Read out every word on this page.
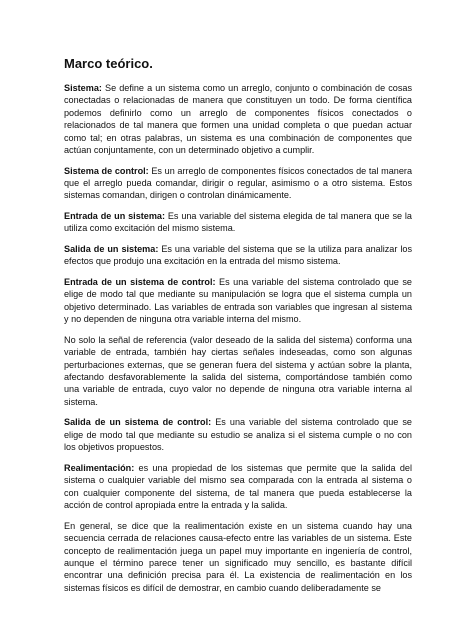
Marco teórico.

Sistema: Se define a un sistema como un arreglo, conjunto o combinación de cosas conectadas o relacionadas de manera que constituyen un todo. De forma científica podemos definirlo como un arreglo de componentes físicos conectados o relacionados de tal manera que formen una unidad completa o que puedan actuar como tal; en otras palabras, un sistema es una combinación de componentes que actúan conjuntamente, con un determinado objetivo a cumplir.

Sistema de control: Es un arreglo de componentes físicos conectados de tal manera que el arreglo pueda comandar, dirigir o regular, asimismo o a otro sistema. Estos sistemas comandan, dirigen o controlan dinámicamente.

Entrada de un sistema: Es una variable del sistema elegida de tal manera que se la utiliza como excitación del mismo sistema.

Salida de un sistema: Es una variable del sistema que se la utiliza para analizar los efectos que produjo una excitación en la entrada del mismo sistema.

Entrada de un sistema de control: Es una variable del sistema controlado que se elige de modo tal que mediante su manipulación se logra que el sistema cumpla un objetivo determinado. Las variables de entrada son variables que ingresan al sistema y no dependen de ninguna otra variable interna del mismo.

No solo la señal de referencia (valor deseado de la salida del sistema) conforma una variable de entrada, también hay ciertas señales indeseadas, como son algunas perturbaciones externas, que se generan fuera del sistema y actúan sobre la planta, afectando desfavorablemente la salida del sistema, comportándose también como una variable de entrada, cuyo valor no depende de ninguna otra variable interna al sistema.

Salida de un sistema de control: Es una variable del sistema controlado que se elige de modo tal que mediante su estudio se analiza si el sistema cumple o no con los objetivos propuestos.

Realimentación: es una propiedad de los sistemas que permite que la salida del sistema o cualquier variable del mismo sea comparada con la entrada al sistema o con cualquier componente del sistema, de tal manera que pueda establecerse la acción de control apropiada entre la entrada y la salida.

En general, se dice que la realimentación existe en un sistema cuando hay una secuencia cerrada de relaciones causa-efecto entre las variables de un sistema. Este concepto de realimentación juega un papel muy importante en ingeniería de control, aunque el término parece tener un significado muy sencillo, es bastante difícil encontrar una definición precisa para él. La existencia de realimentación en los sistemas físicos es difícil de demostrar, en cambio cuando deliberadamente se
